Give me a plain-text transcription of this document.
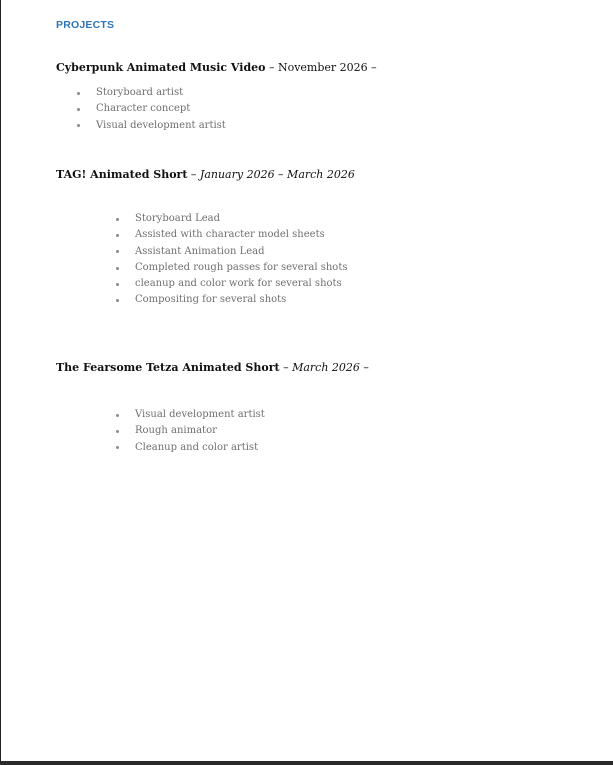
PROJECTS

Cyberpunk Animated Music Video – November 2026 –

Storyboard artist
Character concept
Visual development artist

TAG! Animated Short – January 2026 – March 2026

Storyboard Lead
Assisted with character model sheets
Assistant Animation Lead
Completed rough passes for several shots
cleanup and color work for several shots
Compositing for several shots

The Fearsome Tetza Animated Short – March 2026 –

Visual development artist
Rough animator
Cleanup and color artist
